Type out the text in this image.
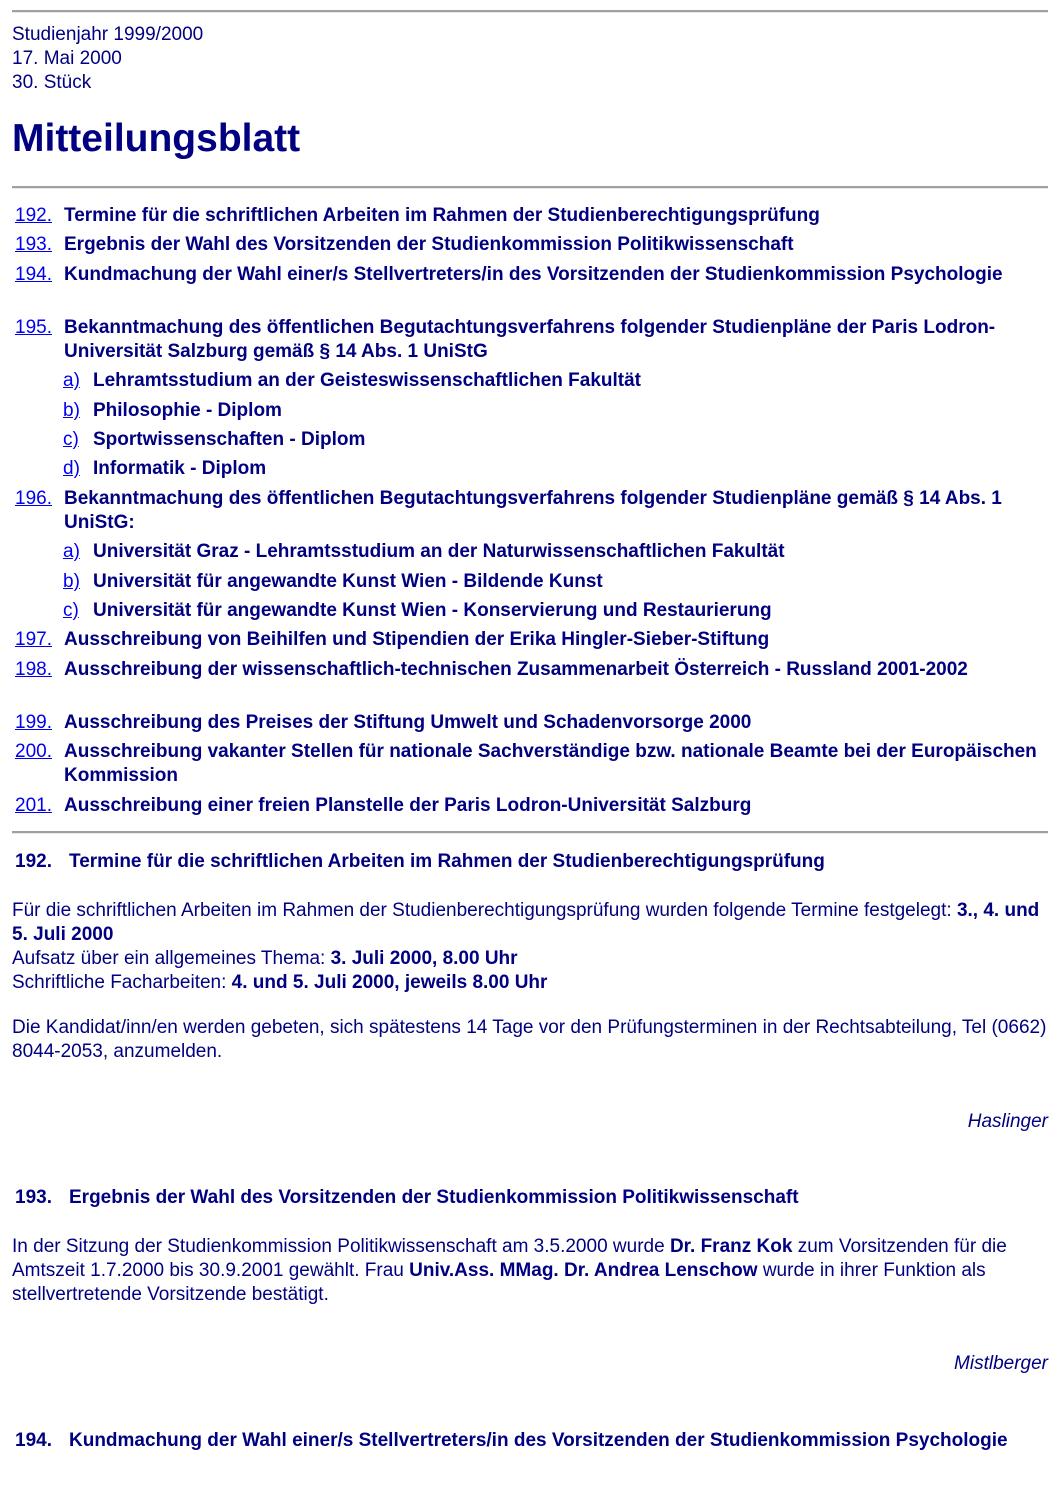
Studienjahr 1999/2000
17. Mai 2000
30. Stück
Mitteilungsblatt
192. Termine für die schriftlichen Arbeiten im Rahmen der Studienberechtigungsprüfung
193. Ergebnis der Wahl des Vorsitzenden der Studienkommission Politikwissenschaft
194. Kundmachung der Wahl einer/s Stellvertreters/in des Vorsitzenden der Studienkommission Psychologie
195. Bekanntmachung des öffentlichen Begutachtungsverfahrens folgender Studienpläne der Paris Lodron-Universität Salzburg gemäß § 14 Abs. 1 UniStG
a) Lehramtsstudium an der Geisteswissenschaftlichen Fakultät
b) Philosophie - Diplom
c) Sportwissenschaften - Diplom
d) Informatik - Diplom
196. Bekanntmachung des öffentlichen Begutachtungsverfahrens folgender Studienpläne gemäß § 14 Abs. 1 UniStG:
a) Universität Graz - Lehramtsstudium an der Naturwissenschaftlichen Fakultät
b) Universität für angewandte Kunst Wien - Bildende Kunst
c) Universität für angewandte Kunst Wien - Konservierung und Restaurierung
197. Ausschreibung von Beihilfen und Stipendien der Erika Hingler-Sieber-Stiftung
198. Ausschreibung der wissenschaftlich-technischen Zusammenarbeit Österreich - Russland 2001-2002
199. Ausschreibung des Preises der Stiftung Umwelt und Schadenvorsorge 2000
200. Ausschreibung vakanter Stellen für nationale Sachverständige bzw. nationale Beamte bei der Europäischen Kommission
201. Ausschreibung einer freien Planstelle der Paris Lodron-Universität Salzburg
192. Termine für die schriftlichen Arbeiten im Rahmen der Studienberechtigungsprüfung
Für die schriftlichen Arbeiten im Rahmen der Studienberechtigungsprüfung wurden folgende Termine festgelegt: 3., 4. und 5. Juli 2000
Aufsatz über ein allgemeines Thema: 3. Juli 2000, 8.00 Uhr
Schriftliche Facharbeiten: 4. und 5. Juli 2000, jeweils 8.00 Uhr
Die Kandidat/inn/en werden gebeten, sich spätestens 14 Tage vor den Prüfungsterminen in der Rechtsabteilung, Tel (0662) 8044-2053, anzumelden.
Haslinger
193. Ergebnis der Wahl des Vorsitzenden der Studienkommission Politikwissenschaft
In der Sitzung der Studienkommission Politikwissenschaft am 3.5.2000 wurde Dr. Franz Kok zum Vorsitzenden für die Amtszeit 1.7.2000 bis 30.9.2001 gewählt. Frau Univ.Ass. MMag. Dr. Andrea Lenschow wurde in ihrer Funktion als stellvertretende Vorsitzende bestätigt.
Mistlberger
194. Kundmachung der Wahl einer/s Stellvertreters/in des Vorsitzenden der Studienkommission Psychologie
